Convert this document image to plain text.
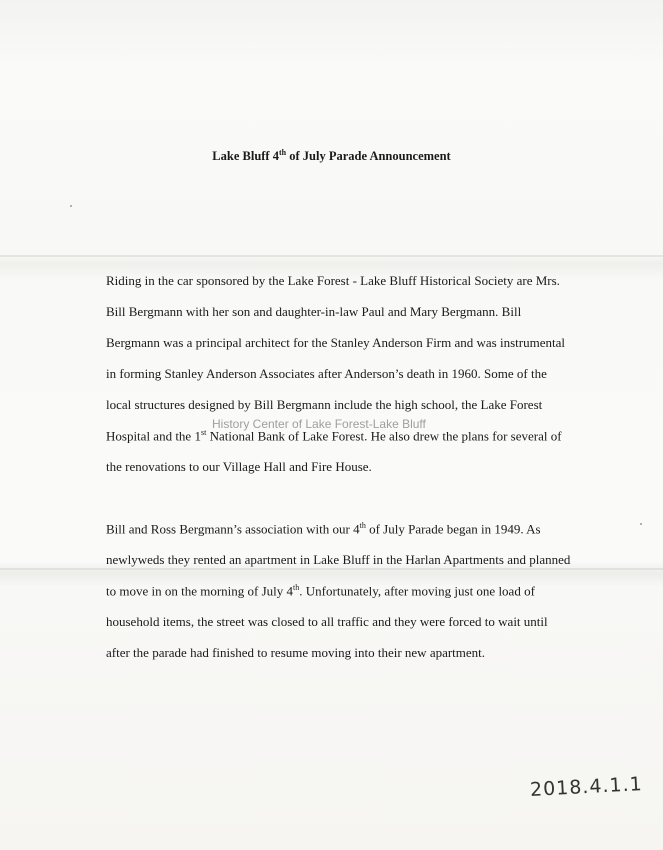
Lake Bluff 4th of July Parade Announcement
Riding in the car sponsored by the Lake Forest - Lake Bluff Historical Society are Mrs.
Bill Bergmann with her son and daughter-in-law Paul and Mary Bergmann. Bill
Bergmann was a principal architect for the Stanley Anderson Firm and was instrumental
in forming Stanley Anderson Associates after Anderson’s death in 1960. Some of the
local structures designed by Bill Bergmann include the high school, the Lake Forest
Hospital and the 1st National Bank of Lake Forest. He also drew the plans for several of
the renovations to our Village Hall and Fire House.
Bill and Ross Bergmann’s association with our 4th of July Parade began in 1949. As
newlyweds they rented an apartment in Lake Bluff in the Harlan Apartments and planned
to move in on the morning of July 4th. Unfortunately, after moving just one load of
household items, the street was closed to all traffic and they were forced to wait until
after the parade had finished to resume moving into their new apartment.
History Center of Lake Forest-Lake Bluff
2018.4.1.1
